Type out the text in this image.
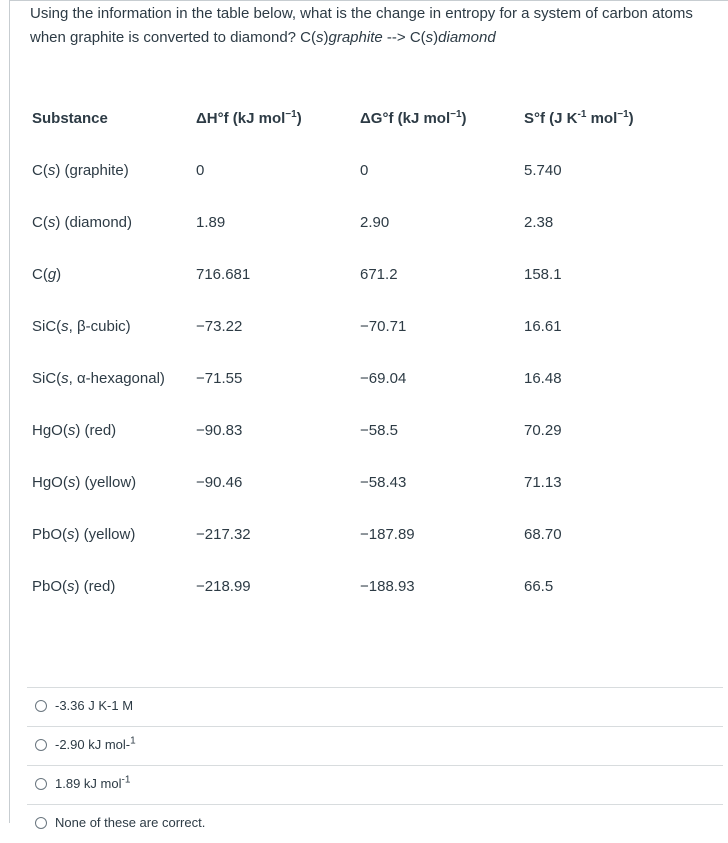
Using the information in the table below, what is the change in entropy for a system of carbon atoms when graphite is converted to diamond? C(s)graphite --> C(s)diamond
Substance	ΔH°f (kJ mol$^{-1}$)	ΔG°f (kJ mol$^{-1}$)	S°f (J $K^{-1}$ mol$^{-1}$)
C(s) (graphite)	0	0	5.740
C(s) (diamond)	1.89	2.90	2.38
C(g)	716.681	671.2	158.1
SiC(s, β-cubic)	−73.22	−70.71	16.61
SiC(s, α-hexagonal) −71.55	−69.04	16.48
HgO(s) (red)	−90.83	−58.5	70.29
HgO(s) (yellow)	−90.46	−58.43	71.13
PbO(s) (yellow)	−217.32	−187.89	68.70
PbO(s) (red)	−218.99	−188.93	66.5
-3.36 J K-1 M
-2.90 kJ mol-$^1$
1.89 kJ mol$^{-1}$
None of these are correct.
